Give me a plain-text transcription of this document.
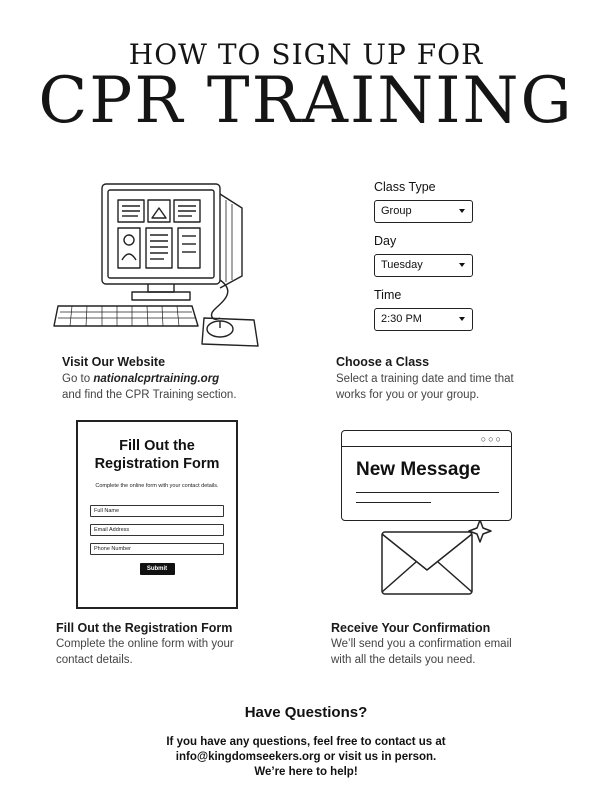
HOW TO SIGN UP FOR
CPR TRAINING
Visit Our Website
Go to nationalcprtraining.org
and find the CPR Training section.
Class Type
Group
Day
Tuesday
Time
2:30 PM
Choose a Class
Select a training date and time that
works for you or your group.
Fill Out the
Registration Form
Complete the online form with your contact details.
Full Name
Email Address
Phone Number
Submit
Fill Out the Registration Form
Complete the online form with your
contact details.
○○○
New Message
Receive Your Confirmation
We’ll send you a confirmation email
with all the details you need.
Have Questions?
If you have any questions, feel free to contact us at
info@kingdomseekers.org or visit us in person.
We’re here to help!
